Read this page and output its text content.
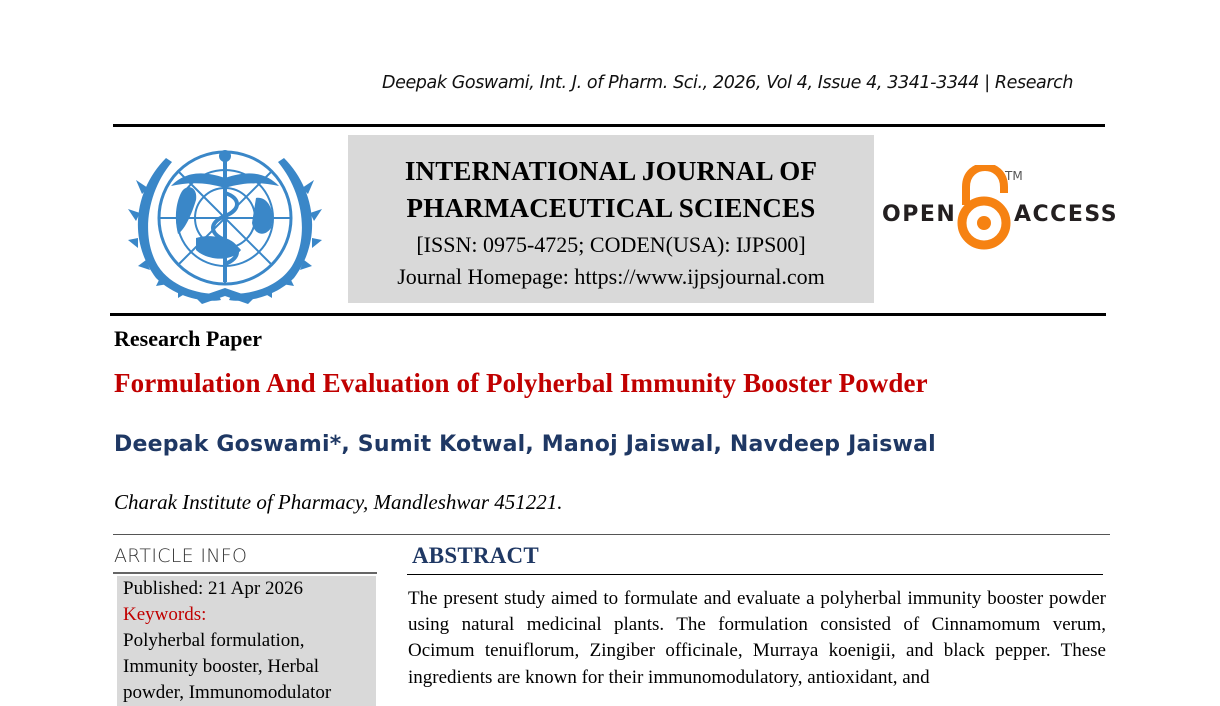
Deepak Goswami, Int. J. of Pharm. Sci., 2026, Vol 4, Issue 4, 3341-3344 | Research
INTERNATIONAL JOURNAL OF
PHARMACEUTICAL SCIENCES
[ISSN: 0975-4725; CODEN(USA): IJPS00]
Journal Homepage: https://www.ijpsjournal.com
OPEN
TM
ACCESS
Research Paper
Formulation And Evaluation of Polyherbal Immunity Booster Powder
Deepak Goswami*, Sumit Kotwal, Manoj Jaiswal, Navdeep Jaiswal
Charak Institute of Pharmacy, Mandleshwar 451221.
ARTICLE INFO
Published: 21 Apr 2026
Keywords:
Polyherbal formulation,
Immunity booster, Herbal
powder, Immunomodulator
ABSTRACT
The present study aimed to formulate and evaluate a polyherbal immunity booster powder using natural medicinal plants. The formulation consisted of Cinnamomum verum, Ocimum tenuiflorum, Zingiber officinale, Murraya koenigii, and black pepper. These ingredients are known for their immunomodulatory, antioxidant, and
